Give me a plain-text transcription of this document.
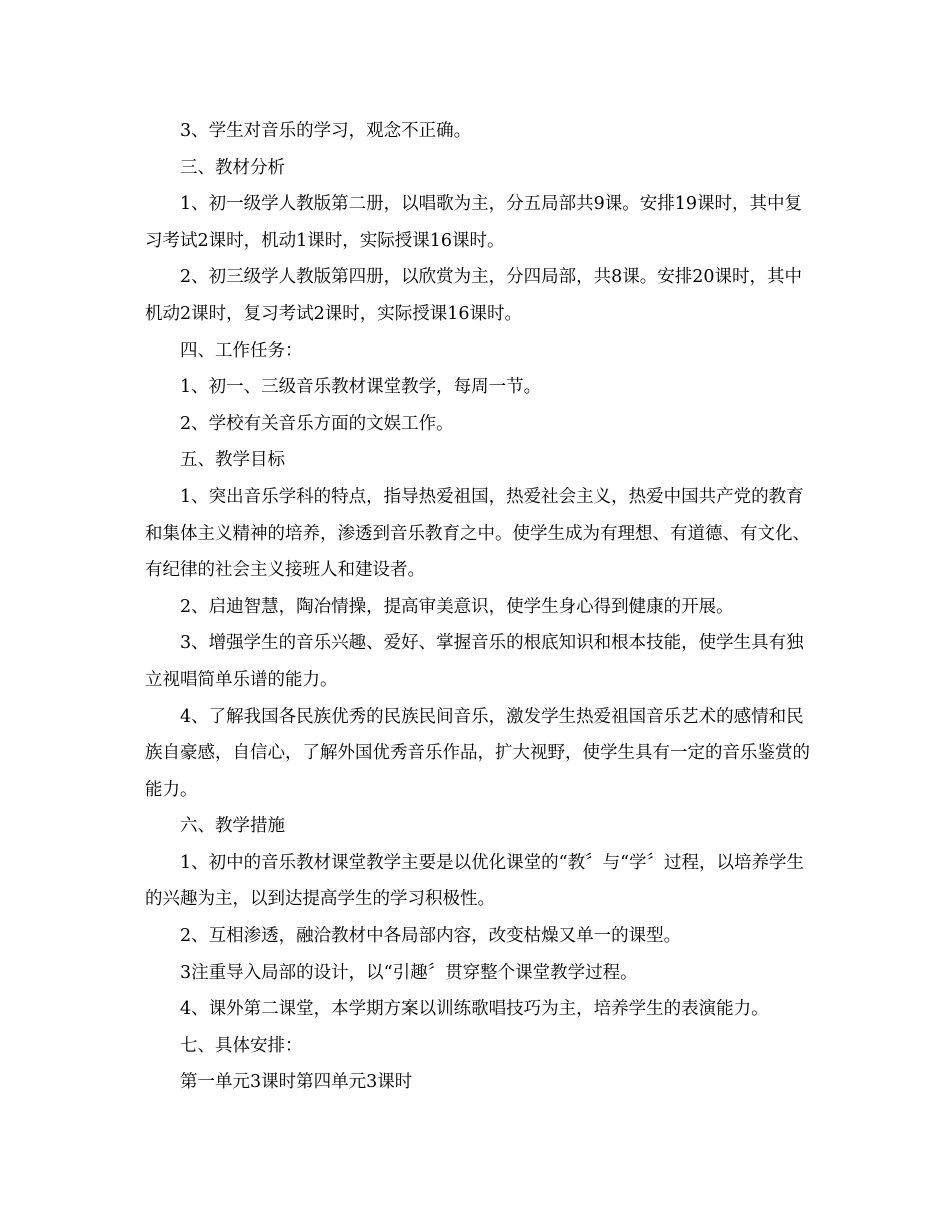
3、学生对音乐的学习，观念不正确。

三、教材分析

1、初一级学人教版第二册，以唱歌为主，分五局部共9课。安排19课时，其中复习考试2课时，机动1课时，实际授课16课时。

2、初三级学人教版第四册，以欣赏为主，分四局部，共8课。安排20课时，其中机动2课时，复习考试2课时，实际授课16课时。

四、工作任务：

1、初一、三级音乐教材课堂教学，每周一节。

2、学校有关音乐方面的文娱工作。

五、教学目标

1、突出音乐学科的特点，指导热爱祖国，热爱社会主义，热爱中国共产党的教育和集体主义精神的培养，渗透到音乐教育之中。使学生成为有理想、有道德、有文化、有纪律的社会主义接班人和建设者。

2、启迪智慧，陶冶情操，提高审美意识，使学生身心得到健康的开展。

3、增强学生的音乐兴趣、爱好、掌握音乐的根底知识和根本技能，使学生具有独立视唱简单乐谱的能力。

4、了解我国各民族优秀的民族民间音乐，激发学生热爱祖国音乐艺术的感情和民族自豪感，自信心，了解外国优秀音乐作品，扩大视野，使学生具有一定的音乐鉴赏的能力。

六、教学措施

1、初中的音乐教材课堂教学主要是以优化课堂的“教〞与“学〞过程，以培养学生的兴趣为主，以到达提高学生的学习积极性。

2、互相渗透，融洽教材中各局部内容，改变枯燥又单一的课型。

3注重导入局部的设计，以“引趣〞贯穿整个课堂教学过程。

4、课外第二课堂，本学期方案以训练歌唱技巧为主，培养学生的表演能力。

七、具体安排：

第一单元3课时第四单元3课时
